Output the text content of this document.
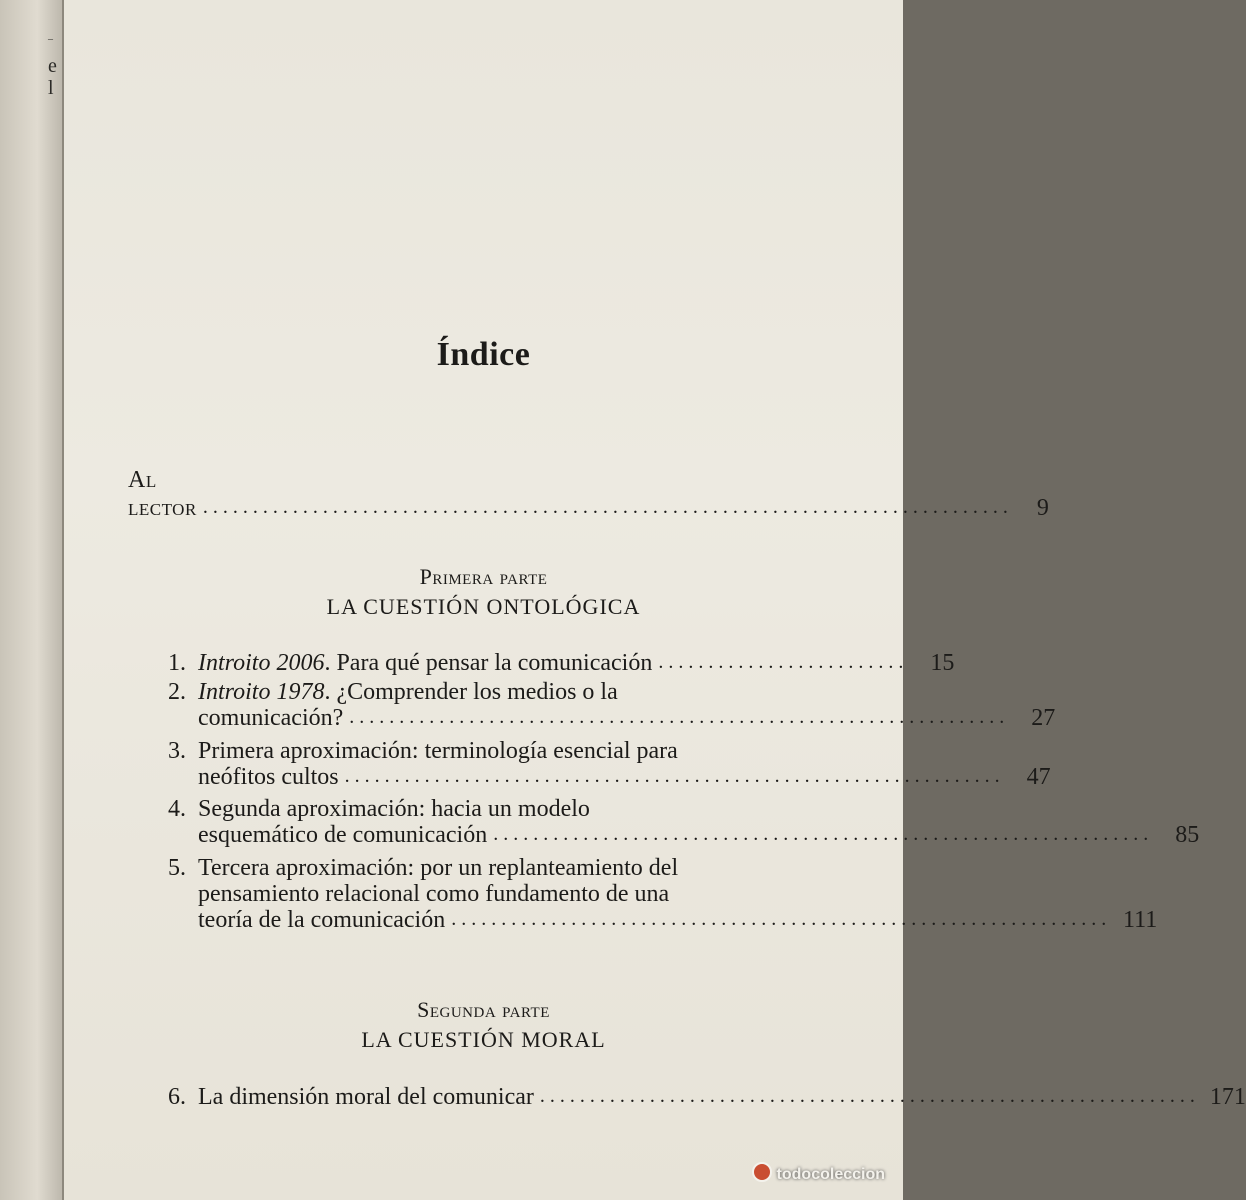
–
e
l
Índice
Al lector .................................................................................	9
Primera parte
LA CUESTIÓN ONTOLÓGICA
1. Introito 2006. Para qué pensar la comunicación ......................... 15
2. Introito 1978. ¿Comprender los medios o la
comunicación? .................................................................. 27
3. Primera aproximación: terminología esencial para
neófitos cultos .................................................................. 47
4. Segunda aproximación: hacia un modelo
esquemático de comunicación .................................................................. 85
5. Tercera aproximación: por un replanteamiento del
pensamiento relacional como fundamento de una
teoría de la comunicación .................................................................. 111
Segunda parte
LA CUESTIÓN MORAL
6. La dimensión moral del comunicar .................................................................. 171
todocoleccion
